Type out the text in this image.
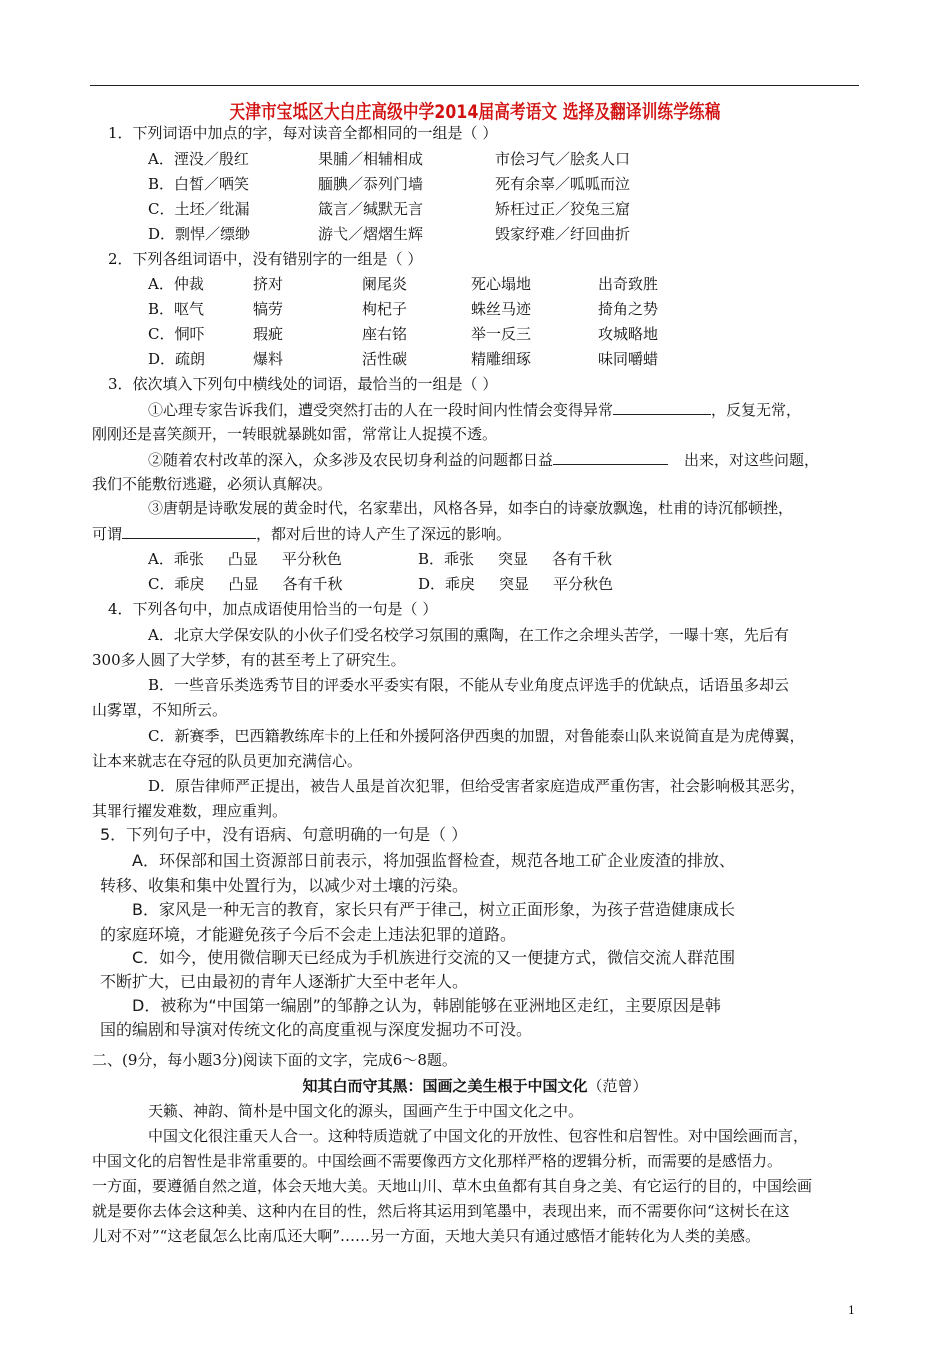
天津市宝坻区大白庄高级中学2014届高考语文 选择及翻译训练学练稿
1．下列词语中加点的字，每对读音全都相同的一组是（ ）
A．湮没／殷红	果脯／相辅相成	市侩习气／脍炙人口
B．白皙／哂笑	腼腆／忝列门墙	死有余辜／呱呱而泣
C．土坯／纰漏	箴言／缄默无言	矫枉过正／狡兔三窟
D．剽悍／缥缈	游弋／熠熠生辉	毁家纾难／纡回曲折
2．下列各组词语中，没有错别字的一组是（ ）
A．仲裁	挤对	阑尾炎	死心塌地	出奇致胜
B．呕气	犒劳	枸杞子	蛛丝马迹	掎角之势
C．恫吓	瑕疵	座右铭	举一反三	攻城略地
D．疏朗	爆料	活性碳	精雕细琢	味同嚼蜡
3．依次填入下列句中横线处的词语，最恰当的一组是（ ）
①心理专家告诉我们，遭受突然打击的人在一段时间内性情会变得异常	，反复无常，
刚刚还是喜笑颜开，一转眼就暴跳如雷，常常让人捉摸不透。
②随着农村改革的深入，众多涉及农民切身利益的问题都日益	出来，对这些问题，
我们不能敷衍逃避，必须认真解决。
③唐朝是诗歌发展的黄金时代，名家辈出，风格各异，如李白的诗豪放飘逸，杜甫的诗沉郁顿挫，
可谓	，都对后世的诗人产生了深远的影响。
A．乖张 凸显 平分秋色	B．乖张 突显 各有千秋
C．乖戾 凸显 各有千秋	D．乖戾 突显 平分秋色
4．下列各句中，加点成语使用恰当的一句是（ ）
A．北京大学保安队的小伙子们受名校学习氛围的熏陶，在工作之余埋头苦学，一曝十寒，先后有
300多人圆了大学梦，有的甚至考上了研究生。
B．一些音乐类选秀节目的评委水平委实有限，不能从专业角度点评选手的优缺点，话语虽多却云
山雾罩，不知所云。
C．新赛季，巴西籍教练库卡的上任和外援阿洛伊西奥的加盟，对鲁能泰山队来说简直是为虎傅翼，
让本来就志在夺冠的队员更加充满信心。
D．原告律师严正提出，被告人虽是首次犯罪，但给受害者家庭造成严重伤害，社会影响极其恶劣，
其罪行擢发难数，理应重判。
5．下列句子中，没有语病、句意明确的一句是（ ）
A．环保部和国土资源部日前表示，将加强监督检查，规范各地工矿企业废渣的排放、
转移、收集和集中处置行为，以减少对土壤的污染。
B．家风是一种无言的教育，家长只有严于律己，树立正面形象，为孩子营造健康成长
的家庭环境，才能避免孩子今后不会走上违法犯罪的道路。
C．如今，使用微信聊天已经成为手机族进行交流的又一便捷方式，微信交流人群范围
不断扩大，已由最初的青年人逐渐扩大至中老年人。
D．被称为“中国第一编剧”的邹静之认为，韩剧能够在亚洲地区走红，主要原因是韩
国的编剧和导演对传统文化的高度重视与深度发掘功不可没。
二、(9分，每小题3分)阅读下面的文字，完成6～8题。
知其白而守其黑：国画之美生根于中国文化（范曾）
天籁、神韵、简朴是中国文化的源头，国画产生于中国文化之中。
中国文化很注重天人合一。这种特质造就了中国文化的开放性、包容性和启智性。对中国绘画而言，
中国文化的启智性是非常重要的。中国绘画不需要像西方文化那样严格的逻辑分析，而需要的是感悟力。
一方面，要遵循自然之道，体会天地大美。天地山川、草木虫鱼都有其自身之美、有它运行的目的，中国绘画
就是要你去体会这种美、这种内在目的性，然后将其运用到笔墨中，表现出来，而不需要你问“这树长在这
儿对不对”“这老鼠怎么比南瓜还大啊”……另一方面，天地大美只有通过感悟才能转化为人类的美感。
1
